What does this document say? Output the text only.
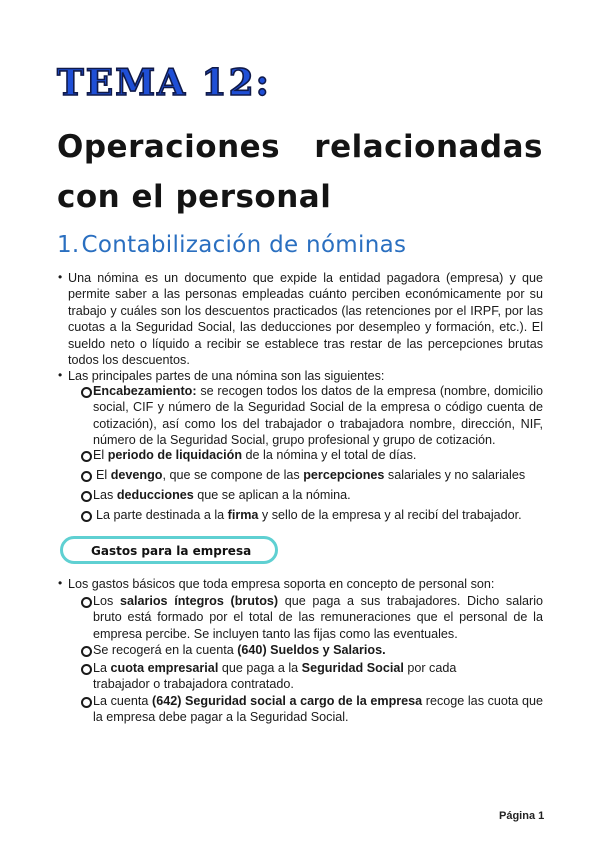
TEMA 12:
Operaciones relacionadas
con el personal
1.Contabilización de nóminas
• Una nómina es un documento que expide la entidad pagadora (empresa) y que permite saber a las personas empleadas cuánto perciben económicamente por su trabajo y cuáles son los descuentos practicados (las retenciones por el IRPF, por las cuotas a la Seguridad Social, las deducciones por desempleo y formación, etc.). El sueldo neto o líquido a recibir se establece tras restar de las percepciones brutas todos los descuentos.
• Las principales partes de una nómina son las siguientes:
Encabezamiento: se recogen todos los datos de la empresa (nombre, domicilio social, CIF y número de la Seguridad Social de la empresa o código cuenta de cotización), así como los del trabajador o trabajadora nombre, dirección, NIF, número de la Seguridad Social, grupo profesional y grupo de cotización.
El periodo de liquidación de la nómina y el total de días.
El devengo, que se compone de las percepciones salariales y no salariales
Las deducciones que se aplican a la nómina.
La parte destinada a la firma y sello de la empresa y al recibí del trabajador.
Gastos para la empresa
• Los gastos básicos que toda empresa soporta en concepto de personal son:
Los salarios íntegros (brutos) que paga a sus trabajadores. Dicho salario bruto está formado por el total de las remuneraciones que el personal de la empresa percibe. Se incluyen tanto las fijas como las eventuales.
Se recogerá en la cuenta (640) Sueldos y Salarios.
La cuota empresarial que paga a la Seguridad Social por cada
trabajador o trabajadora contratado.
La cuenta (642) Seguridad social a cargo de la empresa recoge las cuota que la empresa debe pagar a la Seguridad Social.
Página 1
